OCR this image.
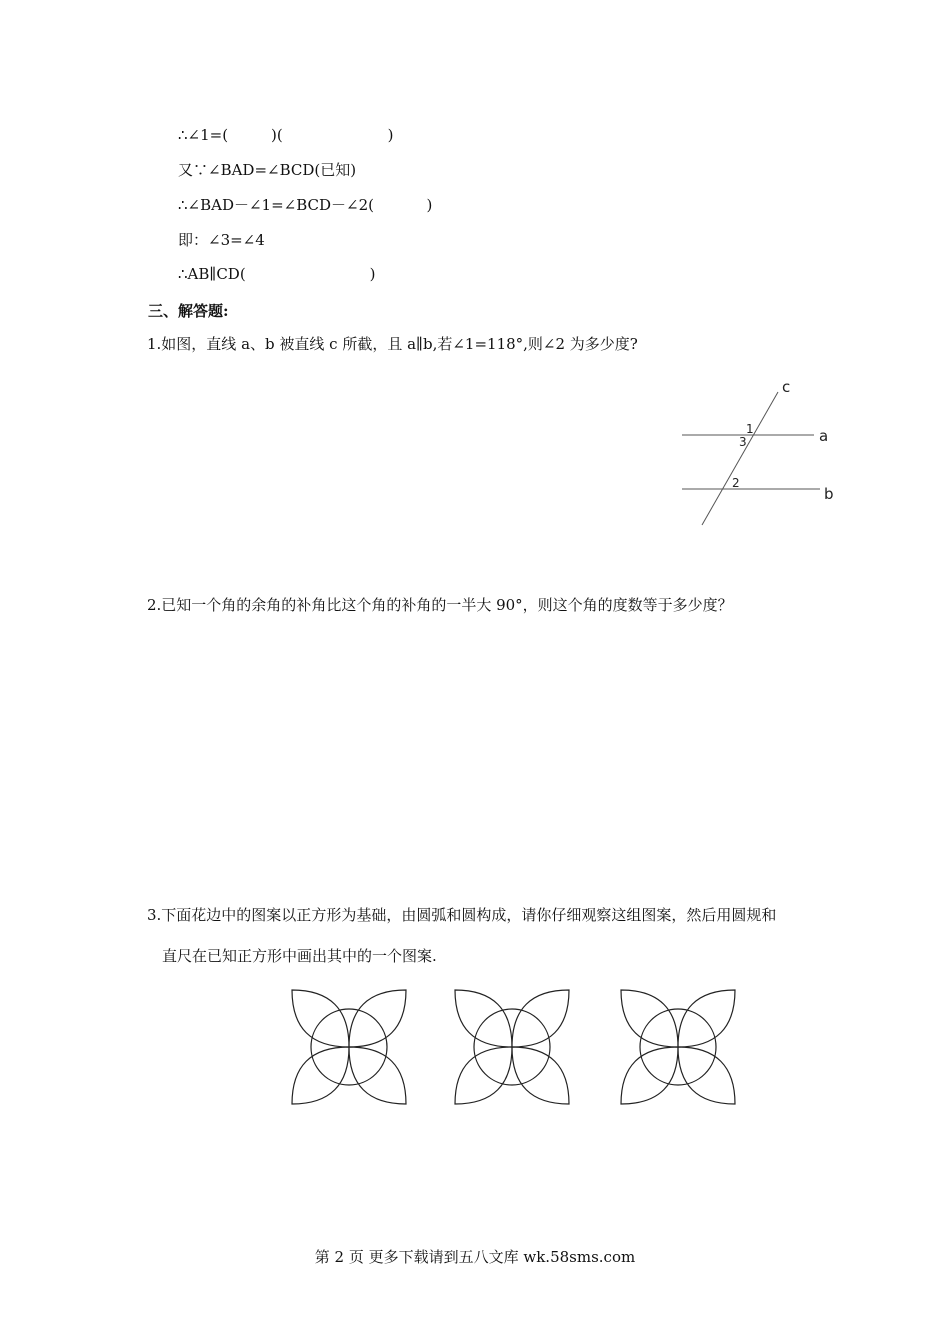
∴∠1=(         )(                      )
又∵∠BAD=∠BCD(已知)
∴∠BAD－∠1=∠BCD－∠2(           )
即：∠3=∠4
∴AB∥CD(                          )
三、解答题:
1.如图，直线 a、b 被直线 c 所截，且 a∥b,若∠1=118°,则∠2 为多少度?
c
a
b
1
3
2
2.已知一个角的余角的补角比这个角的补角的一半大 90°，则这个角的度数等于多少度？
3.下面花边中的图案以正方形为基础，由圆弧和圆构成，请你仔细观察这组图案，然后用圆规和
直尺在已知正方形中画出其中的一个图案.
第 2 页 更多下载请到五八文库 wk.58sms.com
